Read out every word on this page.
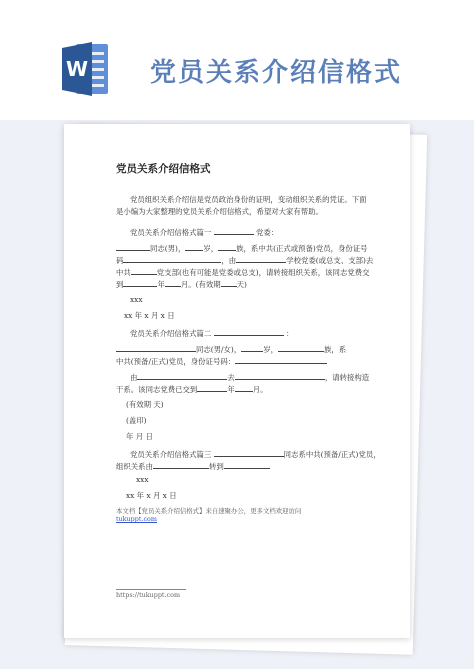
W 党员关系介绍信格式
党员关系介绍信格式
党员组织关系介绍信是党员政治身份的证明，变动组织关系的凭证。下面
是小编为大家整理的党员关系介绍信格式，希望对大家有帮助。
党员关系介绍信格式篇一	党委：
同志(男)， 岁， 族，系中共(正式或预备)党员，身份证号
码	，由	学校党委(或总支、支部)去
中共	党支部(也有可能是党委或总支)，请转接组织关系，该同志党费交
到	年 月。(有效期 天)
xxx
xx 年 x 月 x 日
党员关系介绍信格式篇二	：
同志(男/女)，	岁，	族，系
中共(预备/正式)党员，身份证号码：
由	去	，请转接构造
干系。该同志党费已交到	年 月。
(有效期 天)
(盖印)
年 月 日
党员关系介绍信格式篇三	同志系中共(预备/正式)党员，
组织关系由	转到
xxx
xx 年 x 月 x 日
本文档【党员关系介绍信格式】来自速聚办公，更多文档欢迎访问
tukuppt.com
https://tukuppt.com
